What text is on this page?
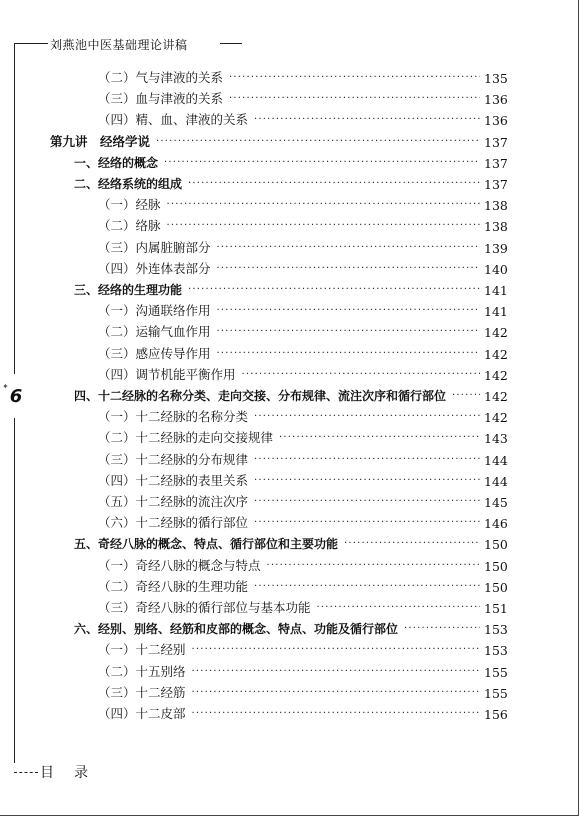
刘燕池中医基础理论讲稿
✦ 6
目录
（二）气与津液的关系 ·····	135
（三）血与津液的关系 ·····	136
（四）精、血、津液的关系 ·····	136
第九讲　经络学说 ·····	137
一、经络的概念 ·····	137
二、经络系统的组成 ·····	137
（一）经脉 ·····	138
（二）络脉 ·····	138
（三）内属脏腑部分 ·····	139
（四）外连体表部分 ·····	140
三、经络的生理功能 ·····	141
（一）沟通联络作用 ·····	141
（二）运输气血作用 ·····	142
（三）感应传导作用 ·····	142
（四）调节机能平衡作用 ·····	142
四、十二经脉的名称分类、走向交接、分布规律、流注次序和循行部位 ·····	142
（一）十二经脉的名称分类 ·····	142
（二）十二经脉的走向交接规律 ·····	143
（三）十二经脉的分布规律 ·····	144
（四）十二经脉的表里关系 ·····	144
（五）十二经脉的流注次序 ·····	145
（六）十二经脉的循行部位 ·····	146
五、奇经八脉的概念、特点、循行部位和主要功能 ·····	150
（一）奇经八脉的概念与特点 ·····	150
（二）奇经八脉的生理功能 ·····	150
（三）奇经八脉的循行部位与基本功能 ·····	151
六、经别、别络、经筋和皮部的概念、特点、功能及循行部位 ·····	153
（一）十二经别 ·····	153
（二）十五别络 ·····	155
（三）十二经筋 ·····	155
（四）十二皮部 ·····	156
